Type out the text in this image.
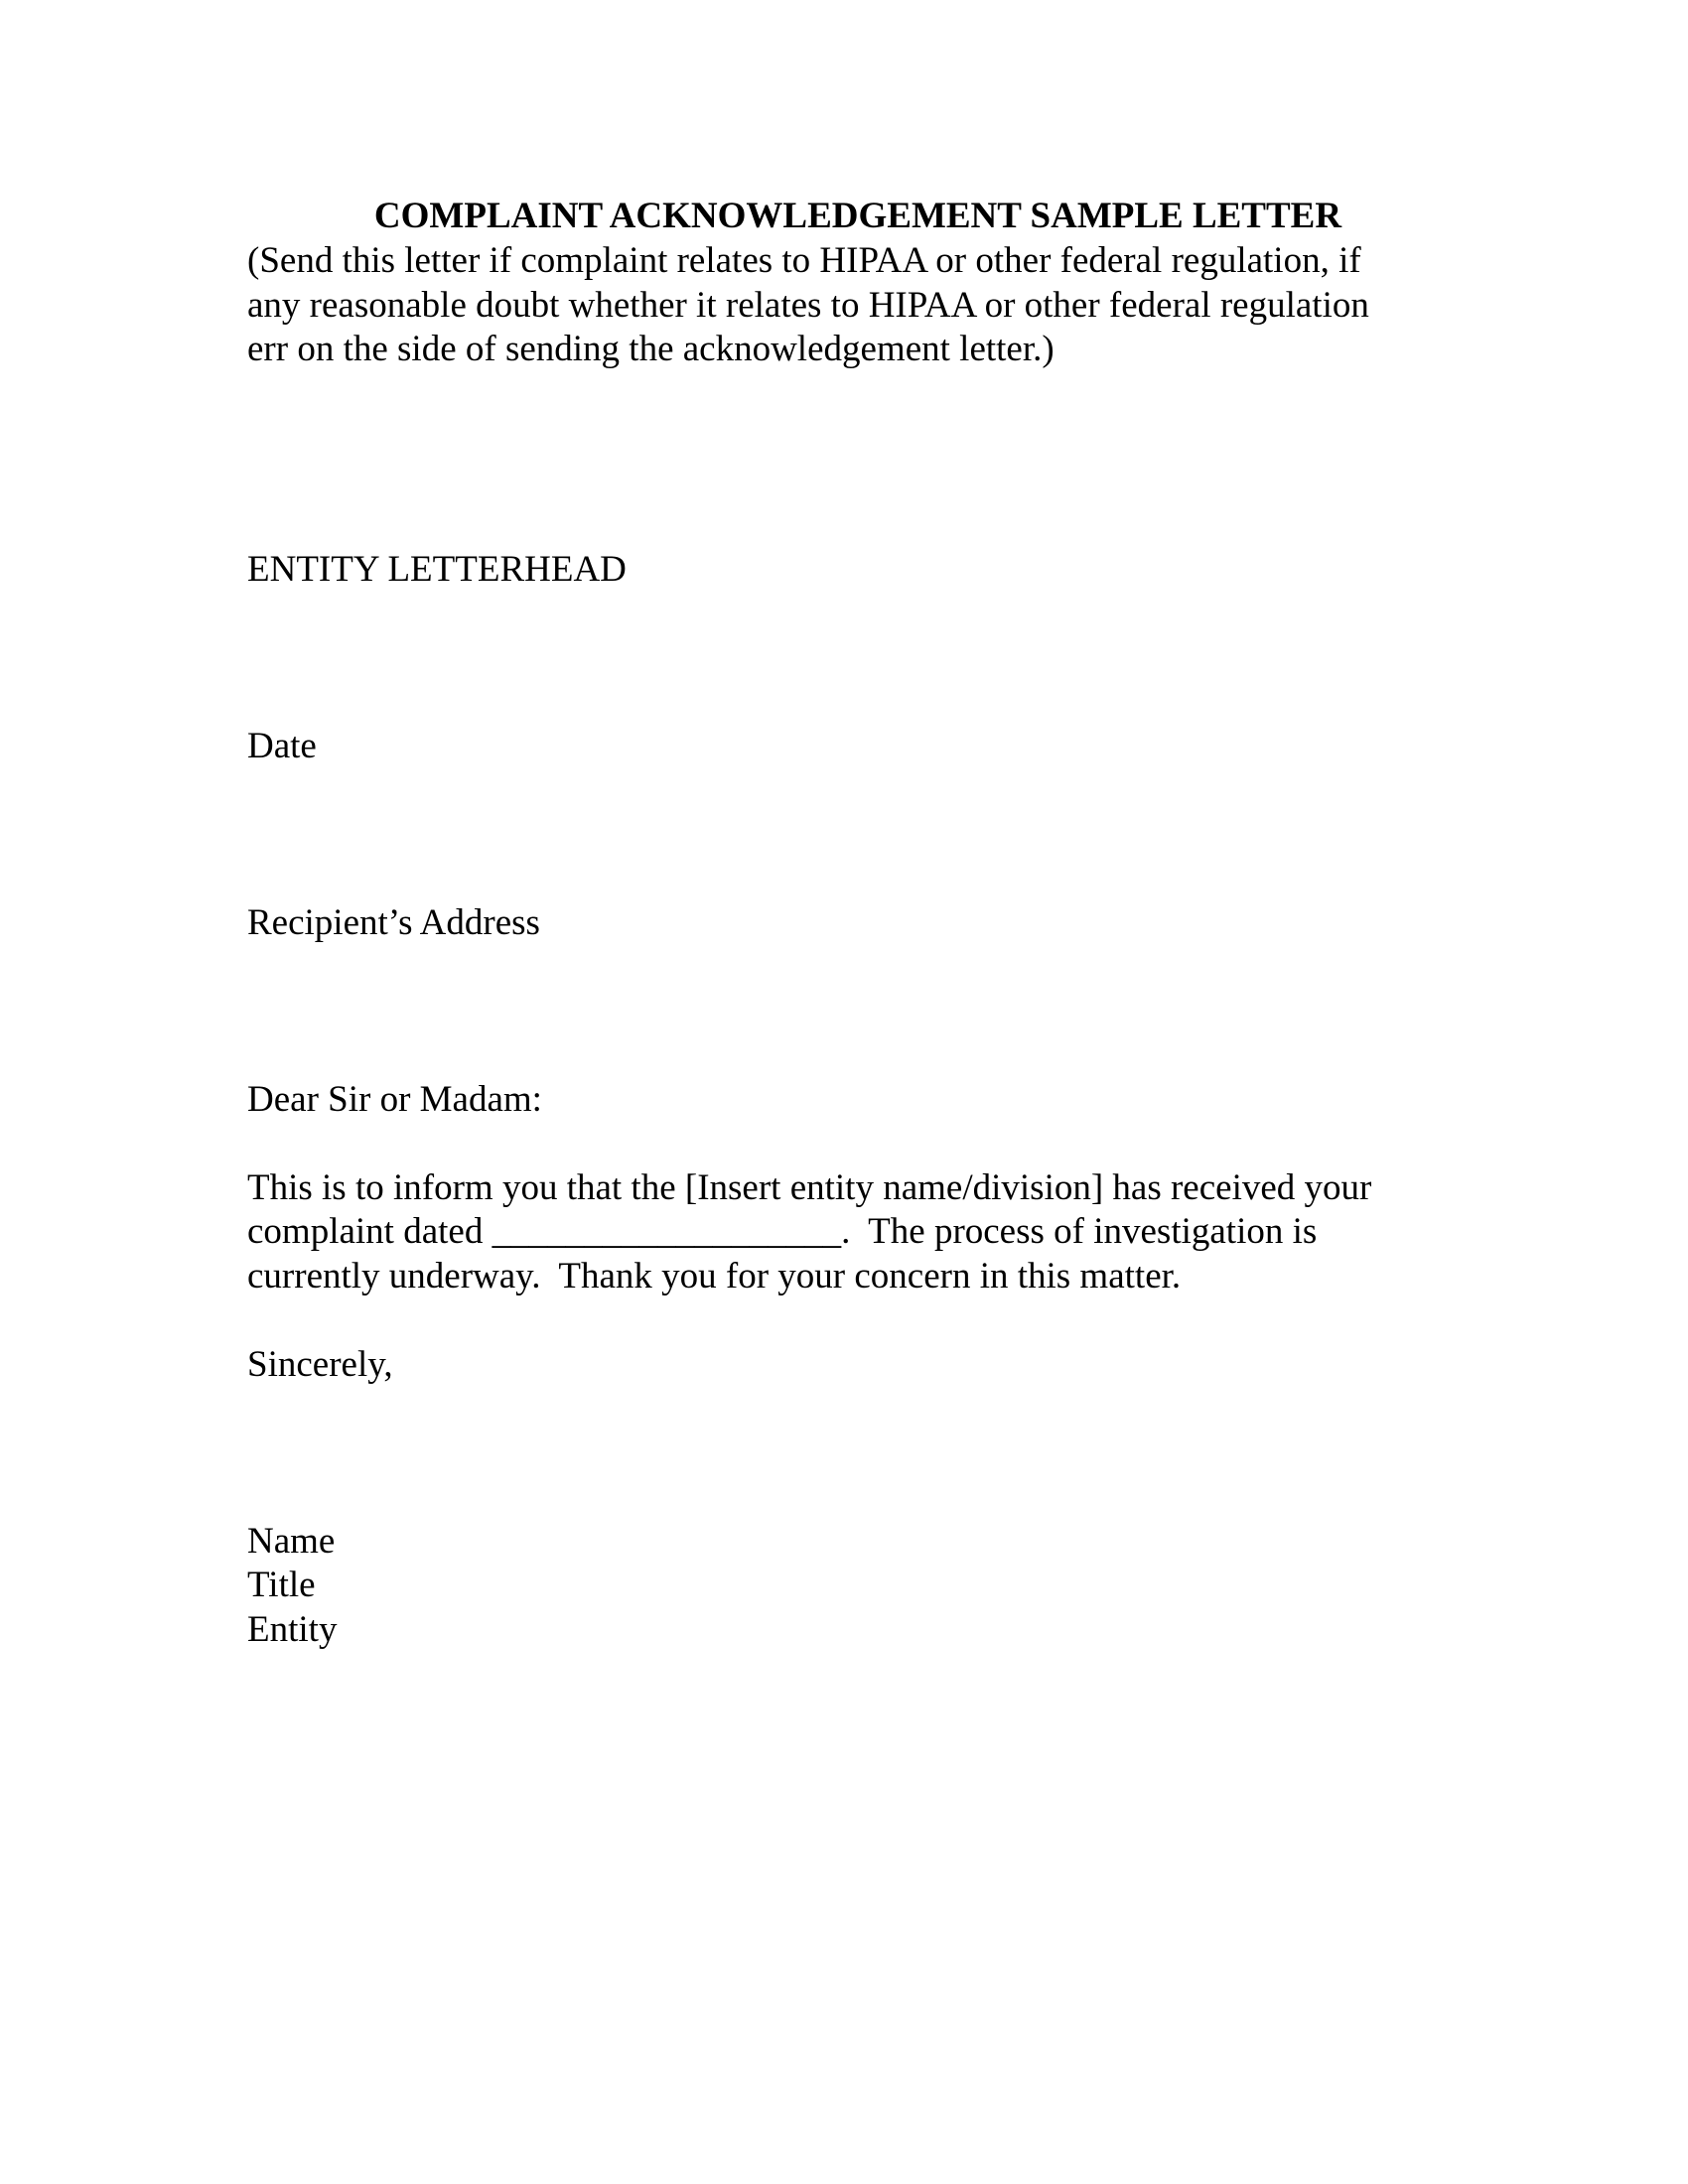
COMPLAINT ACKNOWLEDGEMENT SAMPLE LETTER
(Send this letter if complaint relates to HIPAA or other federal regulation, if
any reasonable doubt whether it relates to HIPAA or other federal regulation
err on the side of sending the acknowledgement letter.)
ENTITY LETTERHEAD
Date
Recipient’s Address
Dear Sir or Madam:
This is to inform you that the [Insert entity name/division] has received your
complaint dated ___________________.  The process of investigation is
currently underway.  Thank you for your concern in this matter.
Sincerely,
Name
Title
Entity
